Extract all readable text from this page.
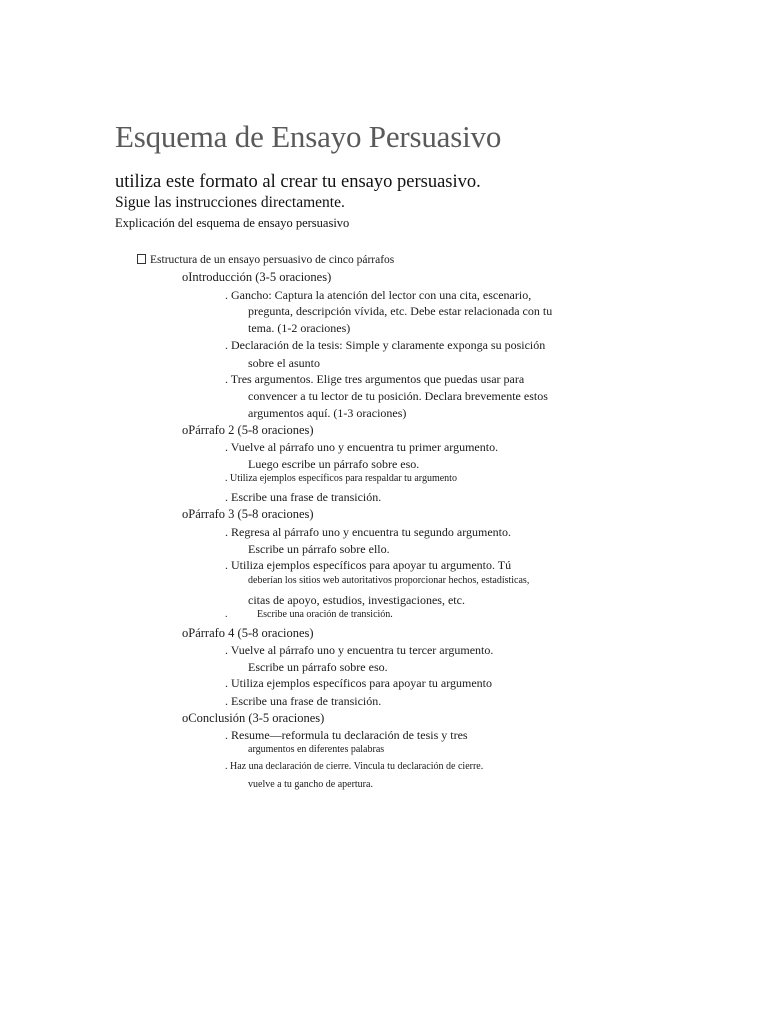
Esquema de Ensayo Persuasivo
utiliza este formato al crear tu ensayo persuasivo.
Sigue las instrucciones directamente.
Explicación del esquema de ensayo persuasivo
Estructura de un ensayo persuasivo de cinco párrafos
oIntroducción (3-5 oraciones)
. Gancho: Captura la atención del lector con una cita, escenario,
pregunta, descripción vívida, etc. Debe estar relacionada con tu
tema. (1-2 oraciones)
. Declaración de la tesis: Simple y claramente exponga su posición
sobre el asunto
. Tres argumentos. Elige tres argumentos que puedas usar para
convencer a tu lector de tu posición. Declara brevemente estos
argumentos aquí. (1-3 oraciones)
oPárrafo 2 (5-8 oraciones)
. Vuelve al párrafo uno y encuentra tu primer argumento.
Luego escribe un párrafo sobre eso.
. Utiliza ejemplos específicos para respaldar tu argumento
. Escribe una frase de transición.
oPárrafo 3 (5-8 oraciones)
. Regresa al párrafo uno y encuentra tu segundo argumento.
Escribe un párrafo sobre ello.
. Utiliza ejemplos específicos para apoyar tu argumento. Tú
deberían los sitios web autoritativos proporcionar hechos, estadísticas,
citas de apoyo, estudios, investigaciones, etc.
.	Escribe una oración de transición.
oPárrafo 4 (5-8 oraciones)
. Vuelve al párrafo uno y encuentra tu tercer argumento.
Escribe un párrafo sobre eso.
. Utiliza ejemplos específicos para apoyar tu argumento
. Escribe una frase de transición.
oConclusión (3-5 oraciones)
. Resume—reformula tu declaración de tesis y tres
argumentos en diferentes palabras
. Haz una declaración de cierre. Vincula tu declaración de cierre.
vuelve a tu gancho de apertura.
